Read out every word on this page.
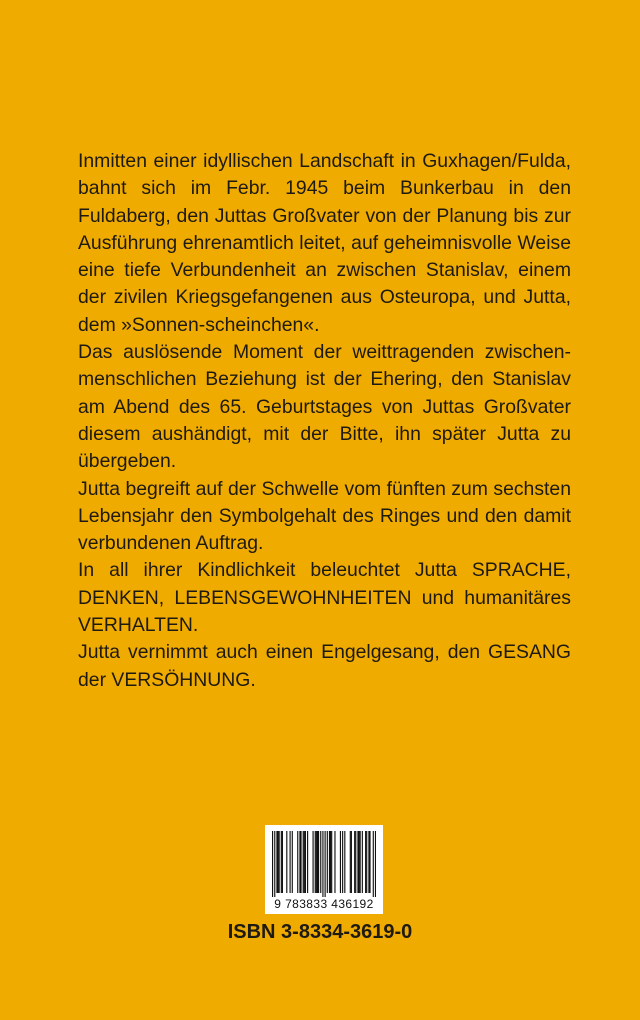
Inmitten einer idyllischen Landschaft in Guxhagen/Fulda, bahnt sich im Febr. 1945 beim Bunkerbau in den Fuldaberg, den Juttas Großvater von der Planung bis zur Ausführung ehrenamtlich leitet, auf geheimnisvolle Weise eine tiefe Verbundenheit an zwischen Stanislav, einem der zivilen Kriegsgefangenen aus Osteuropa, und Jutta, dem »Sonnen-scheinchen«.

Das auslösende Moment der weittragenden zwischen-menschlichen Beziehung ist der Ehering, den Stanislav am Abend des 65. Geburtstages von Juttas Großvater diesem aushändigt, mit der Bitte, ihn später Jutta zu übergeben.

Jutta begreift auf der Schwelle vom fünften zum sechsten Lebensjahr den Symbolgehalt des Ringes und den damit verbundenen Auftrag.

In all ihrer Kindlichkeit beleuchtet Jutta SPRACHE, DENKEN, LEBENSGEWOHNHEITEN und humanitäres VERHALTEN.

Jutta vernimmt auch einen Engelgesang, den GESANG der VERSÖHNUNG.

9 783833 436192
ISBN 3-8334-3619-0
